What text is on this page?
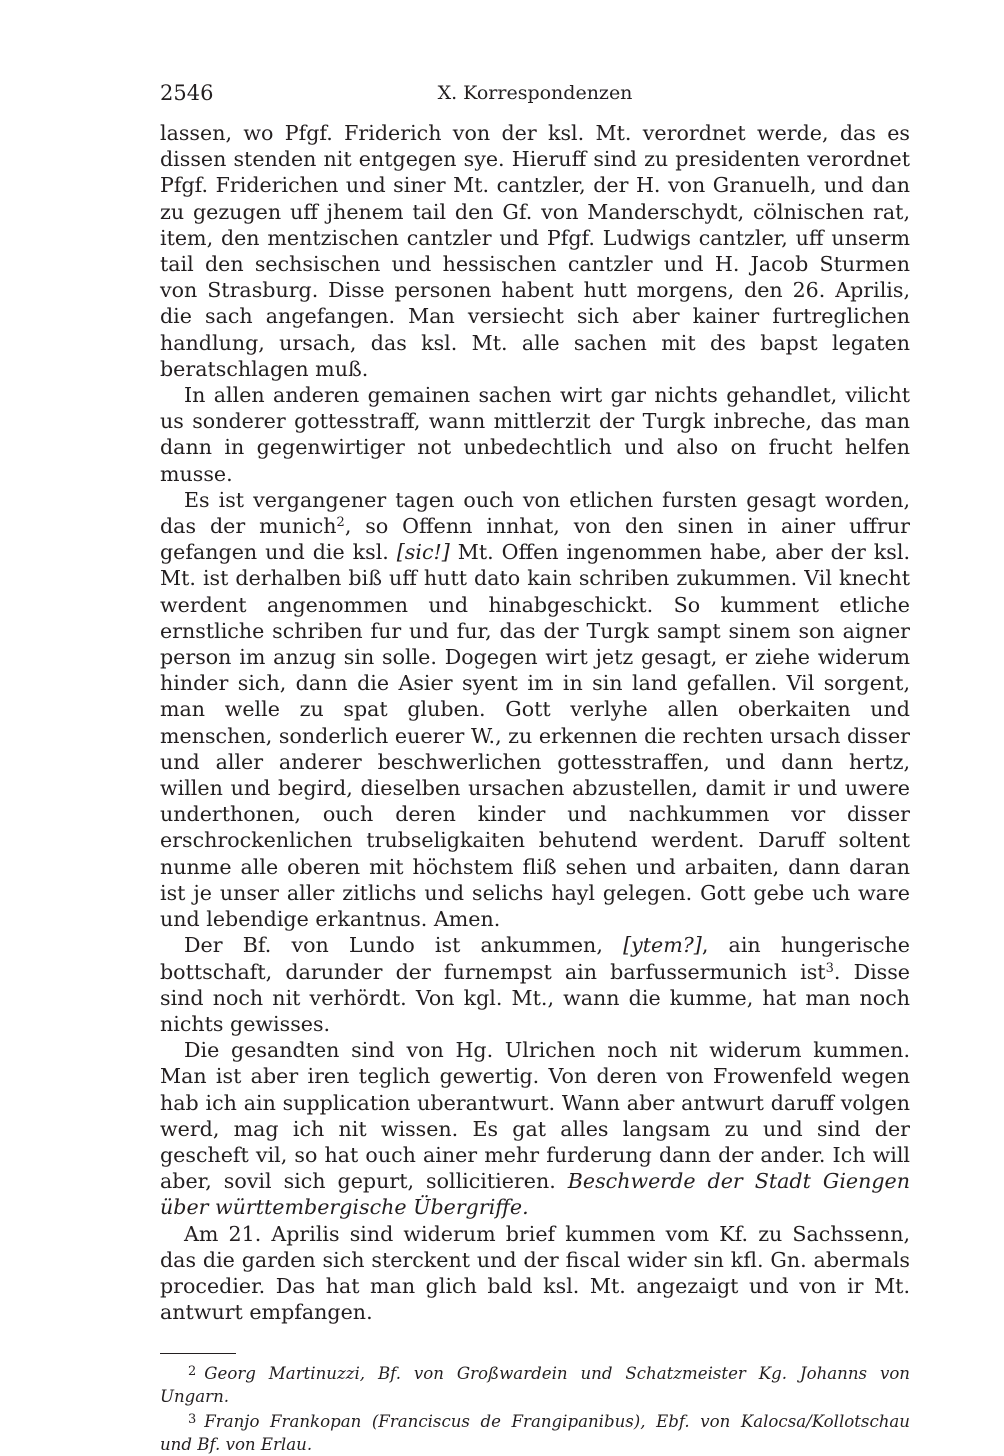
2546	X. Korrespondenzen

lassen, wo Pfgf. Friderich von der ksl. Mt. verordnet werde, das es dissen stenden nit entgegen sye. Hieruff sind zu presidenten verordnet Pfgf. Friderichen und siner Mt. cantzler, der H. von Granuelh, und dan zu gezugen uff jhenem tail den Gf. von Manderschydt, cölnischen rat, item, den mentzischen cantzler und Pfgf. Ludwigs cantzler, uff unserm tail den sechsischen und hessischen cantzler und H. Jacob Sturmen von Strasburg. Disse personen habent hutt morgens, den 26. Aprilis, die sach angefangen. Man versiecht sich aber kainer furtreglichen handlung, ursach, das ksl. Mt. alle sachen mit des bapst legaten beratschlagen muß.

In allen anderen gemainen sachen wirt gar nichts gehandlet, vilicht us sonderer gottesstraff, wann mittlerzit der Turgk inbreche, das man dann in gegenwirtiger not unbedechtlich und also on frucht helfen musse.

Es ist vergangener tagen ouch von etlichen fursten gesagt worden, das der munich$^2$, so Offenn innhat, von den sinen in ainer uffrur gefangen und die ksl. [sic!] Mt. Offen ingenommen habe, aber der ksl. Mt. ist derhalben biß uff hutt dato kain schriben zukummen. Vil knecht werdent angenommen und hinabgeschickt. So kumment etliche ernstliche schriben fur und fur, das der Turgk sampt sinem son aigner person im anzug sin solle. Dogegen wirt jetz gesagt, er ziehe widerum hinder sich, dann die Asier syent im in sin land gefallen. Vil sorgent, man welle zu spat gluben. Gott verlyhe allen oberkaiten und menschen, sonderlich euerer W., zu erkennen die rechten ursach disser und aller anderer beschwerlichen gottesstraffen, und dann hertz, willen und begird, dieselben ursachen abzustellen, damit ir und uwere underthonen, ouch deren kinder und nachkummen vor disser erschrockenlichen trubseligkaiten behutend werdent. Daruff soltent nunme alle oberen mit höchstem fliß sehen und arbaiten, dann daran ist je unser aller zitlichs und selichs hayl gelegen. Gott gebe uch ware und lebendige erkantnus. Amen.

Der Bf. von Lundo ist ankummen, [ytem?], ain hungerische bottschaft, darunder der furnempst ain barfussermunich ist$^3$. Disse sind noch nit verhördt. Von kgl. Mt., wann die kumme, hat man noch nichts gewisses.

Die gesandten sind von Hg. Ulrichen noch nit widerum kummen. Man ist aber iren teglich gewertig. Von deren von Frowenfeld wegen hab ich ain supplication uberantwurt. Wann aber antwurt daruff volgen werd, mag ich nit wissen. Es gat alles langsam zu und sind der gescheft vil, so hat ouch ainer mehr furderung dann der ander. Ich will aber, sovil sich gepurt, sollicitieren. Beschwerde der Stadt Giengen über württembergische Übergriffe.

Am 21. Aprilis sind widerum brief kummen vom Kf. zu Sachssenn, das die garden sich sterckent und der fiscal wider sin kfl. Gn. abermals procedier. Das hat man glich bald ksl. Mt. angezaigt und von ir Mt. antwurt empfangen.

$^2$ Georg Martinuzzi, Bf. von Großwardein und Schatzmeister Kg. Johanns von Ungarn.

$^3$ Franjo Frankopan (Franciscus de Frangipanibus), Ebf. von Kalocsa/Kollotschau und Bf. von Erlau.
